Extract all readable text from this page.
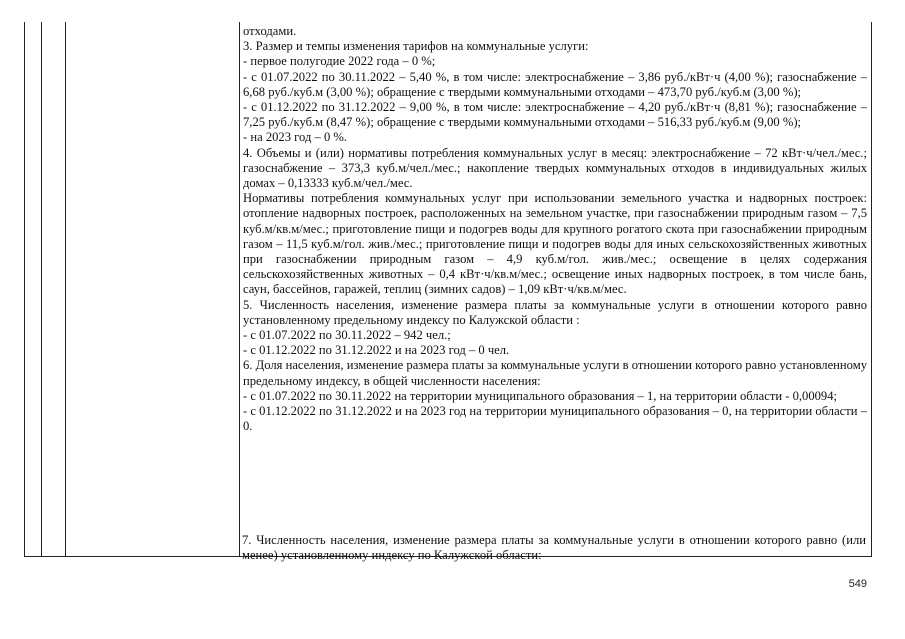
отходами.

3. Размер и темпы изменения тарифов на коммунальные услуги:

- первое полугодие 2022 года – 0 %;

- с 01.07.2022 по 30.11.2022 – 5,40 %, в том числе: электроснабжение – 3,86 руб./кВт·ч (4,00 %); газоснабжение – 6,68 руб./куб.м (3,00 %); обращение с твердыми коммунальными отходами – 473,70 руб./куб.м (3,00 %);

- с 01.12.2022 по 31.12.2022 – 9,00 %, в том числе: электроснабжение – 4,20 руб./кВт·ч (8,81 %); газоснабжение – 7,25 руб./куб.м (8,47 %); обращение с твердыми коммунальными отходами – 516,33 руб./куб.м (9,00 %);

- на 2023 год – 0 %.

4. Объемы и (или) нормативы потребления коммунальных услуг в месяц: электроснабжение – 72 кВт·ч/чел./мес.; газоснабжение – 373,3 куб.м/чел./мес.; накопление твердых коммунальных отходов в индивидуальных жилых домах – 0,13333 куб.м/чел./мес.

Нормативы потребления коммунальных услуг при использовании земельного участка и надворных построек: отопление надворных построек, расположенных на земельном участке, при газоснабжении природным газом – 7,5 куб.м/кв.м/мес.; приготовление пищи и подогрев воды для крупного рогатого скота при газоснабжении природным газом – 11,5 куб.м/гол. жив./мес.; приготовление пищи и подогрев воды для иных сельскохозяйственных животных при газоснабжении природным газом – 4,9 куб.м/гол. жив./мес.; освещение в целях содержания сельскохозяйственных животных – 0,4 кВт·ч/кв.м/мес.; освещение иных надворных построек, в том числе бань, саун, бассейнов, гаражей, теплиц (зимних садов) – 1,09 кВт·ч/кв.м/мес.

5. Численность населения, изменение размера платы за коммунальные услуги в отношении которого равно установленному предельному индексу по Калужской области :

- с 01.07.2022 по 30.11.2022 – 942 чел.;

- с 01.12.2022 по 31.12.2022 и на 2023 год – 0 чел.

6. Доля населения, изменение размера платы за коммунальные услуги в отношении которого равно установленному предельному индексу, в общей численности населения:

- с 01.07.2022 по 30.11.2022 на территории муниципального образования – 1, на территории области - 0,00094;

- с 01.12.2022 по 31.12.2022 и на 2023 год на территории муниципального образования – 0, на территории области – 0.

7. Численность населения, изменение размера платы за коммунальные услуги в отношении которого равно (или менее) установленному индексу по Калужской области:

549
